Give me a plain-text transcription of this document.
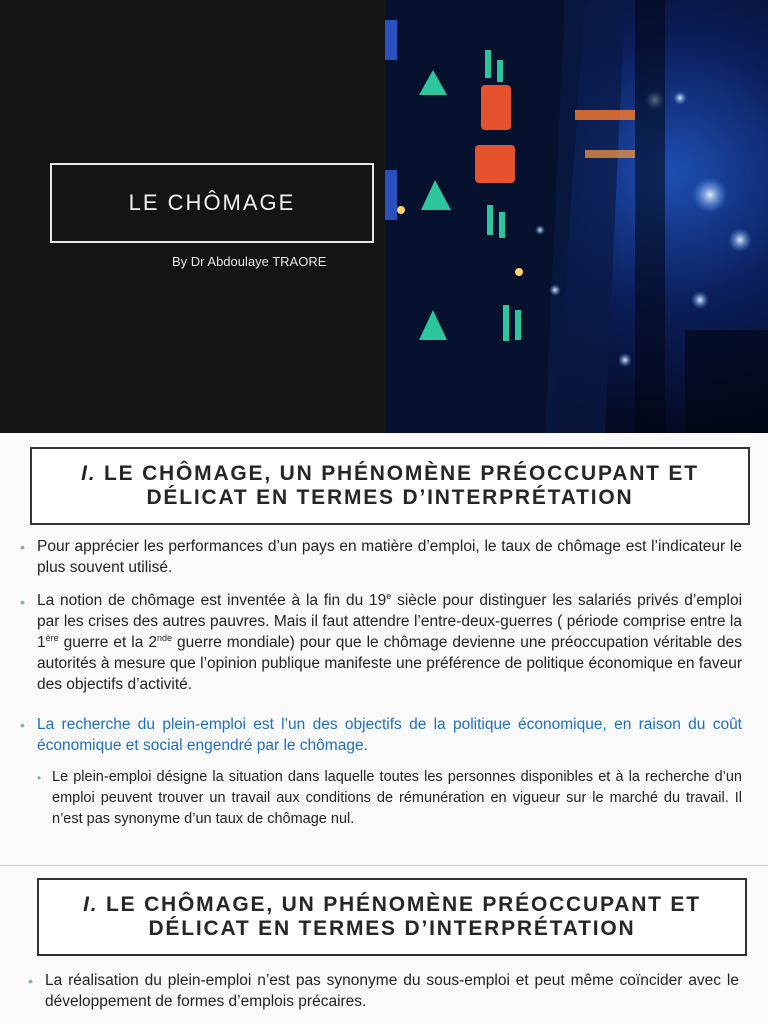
LE CHÔMAGE
By Dr Abdoulaye TRAORE
I. LE CHÔMAGE, UN PHÉNOMÈNE PRÉOCCUPANT ET
DÉLICAT EN TERMES D’INTERPRÉTATION
• Pour apprécier les performances d’un pays en matière d’emploi, le taux de chômage est l’indicateur le plus souvent utilisé.
• La notion de chômage est inventée à la fin du 19e siècle pour distinguer les salariés privés d’emploi par les crises des autres pauvres. Mais il faut attendre l’entre-deux-guerres ( période comprise entre la 1ère guerre et la 2nde guerre mondiale) pour que le chômage devienne une préoccupation véritable des autorités à mesure que l’opinion publique manifeste une préférence de politique économique en faveur des objectifs d’activité.
• La recherche du plein-emploi est l’un des objectifs de la politique économique, en raison du coût économique et social engendré par le chômage.
• Le plein-emploi désigne la situation dans laquelle toutes les personnes disponibles et à la recherche d’un emploi peuvent trouver un travail aux conditions de rémunération en vigueur sur le marché du travail. Il n’est pas synonyme d’un taux de chômage nul.
I. LE CHÔMAGE, UN PHÉNOMÈNE PRÉOCCUPANT ET
DÉLICAT EN TERMES D’INTERPRÉTATION
• La réalisation du plein-emploi n’est pas synonyme du sous-emploi et peut même coïncider avec le développement de formes d’emplois précaires.
